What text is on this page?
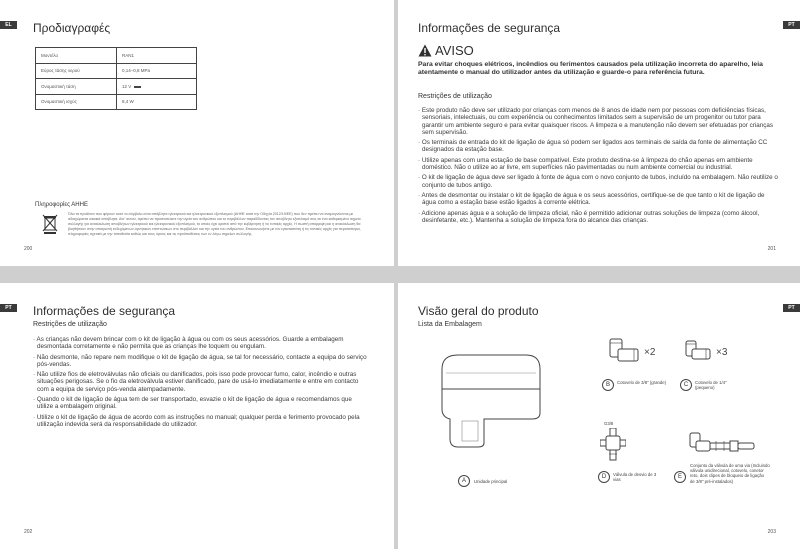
EL	Προδιαγραφές
Μοντέλο	RAN1
Εύρος τάσης νερού	0,14–0,8 MPa
Ονομαστική τάση	12 V
Ονομαστική ισχύς	8,4 W
Πληροφορίες ΑΗΗΕ
Όλα τα προϊόντα που φέρουν αυτό το σύμβολο είναι απόβλητα ηλεκτρικού και ηλεκτρονικού εξοπλισμού (ΑΗΗΕ κατά την Οδηγία 2012/19/ΕΕ) που δεν πρέπει να αναμειγνύονται με αδιαχώριστα οικιακά απόβλητα. Αντ' αυτού, πρέπει να προστατεύετε την υγεία του ανθρώπου και το περιβάλλον παραδίδοντας τον απόβλητο εξοπλισμό σας σε ένα καθορισμένο σημείο συλλογής για ανακύκλωση αποβλήτων ηλεκτρικού και ηλεκτρονικού εξοπλισμού, το οποίο έχει οριστεί από την κυβέρνηση ή τις τοπικές αρχές. Η σωστή απόρριψη και η ανακύκλωση θα βοηθήσουν στην αποτροπή ενδεχόμενων αρνητικών επιπτώσεων στο περιβάλλον και την υγεία του ανθρώπου. Επικοινωνήστε με τον εγκαταστάτη ή τις τοπικές αρχές για περισσότερες πληροφορίες σχετικά με την τοποθεσία καθώς και τους όρους και τις προϋποθέσεις των εν λόγω σημείων συλλογής.
200
PT
Informações de segurança
AVISO
Para evitar choques elétricos, incêndios ou ferimentos causados pela utilização incorreta do aparelho, leia atentamente o manual do utilizador antes da utilização e guarde-o para referência futura.
Restrições de utilização

· Este produto não deve ser utilizado por crianças com menos de 8 anos de idade nem por pessoas com deficiências físicas, sensoriais, intelectuais, ou com experiência ou conhecimentos limitados sem a supervisão de um progenitor ou tutor para garantir um ambiente seguro e para evitar quaisquer riscos. A limpeza e a manutenção não devem ser efetuadas por crianças sem supervisão.

· Os terminais de entrada do kit de ligação de água só podem ser ligados aos terminais de saída da fonte de alimentação CC designados da estação base.

· Utilize apenas com uma estação de base compatível. Este produto destina-se à limpeza do chão apenas em ambiente doméstico. Não o utilize ao ar livre, em superfícies não pavimentadas ou num ambiente comercial ou industrial.

· O kit de ligação de água deve ser ligado à fonte de água com o novo conjunto de tubos, incluído na embalagem. Não reutilize o conjunto de tubos antigo.

· Antes de desmontar ou instalar o kit de ligação de água e os seus acessórios, certifique-se de que tanto o kit de ligação de água como a estação base estão ligados à corrente elétrica.

· Adicione apenas água e a solução de limpeza oficial, não é permitido adicionar outras soluções de limpeza (como álcool, desinfetante, etc.). Mantenha a solução de limpeza fora do alcance das crianças.

201
PT	Informações de segurança
Restrições de utilização

· As crianças não devem brincar com o kit de ligação à água ou com os seus acessórios. Guarde a embalagem desmontada corretamente e não permita que as crianças lhe toquem ou engulam.

· Não desmonte, não repare nem modifique o kit de ligação de água, se tal for necessário, contacte a equipa do serviço pós-vendas.

· Não utilize fios de eletroválvulas não oficiais ou danificados, pois isso pode provocar fumo, calor, incêndio e outras situações perigosas. Se o fio da eletroválvula estiver danificado, pare de usá-lo imediatamente e entre em contacto com a equipa de serviço pós-venda atempadamente.

· Quando o kit de ligação de água tem de ser transportado, esvazie o kit de ligação de água e recomendamos que utilize a embalagem original.

· Utilize o kit de ligação de água de acordo com as instruções no manual; qualquer perda e ferimento provocado pela utilização indevida será da responsabilidade do utilizador.

202
PT
Visão geral do produto
Lista da Embalagem
A	Unidade principal
×2
B	Cotovelo de 3/8" (grande)
×3
C	Cotovelo de 1/4" (pequeno)
G3/8
D	Válvula de desvio de 3 vias	E
Conjunto da válvula de uma via (Incluindo válvula unidirecional, cotovelo, conetor reto, dois clipes de bloqueio de ligação de 3/8" pré-instalados)
203
